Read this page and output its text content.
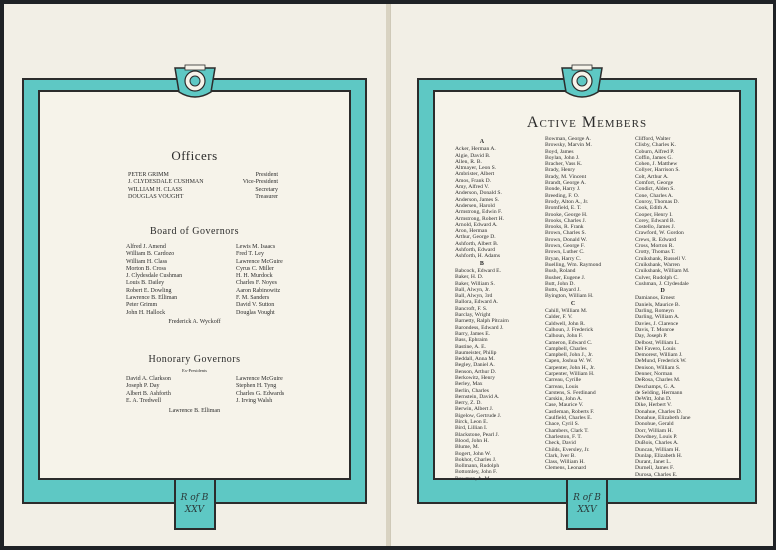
Officers
PETER GRIMM	President
J. CLYDESDALE CUSHMAN	Vice-President
WILLIAM H. CLASS	Secretary
DOUGLAS VOUGHT	Treasurer
Board of Governors
Alfred J. Amend
William B. Cardozo
William H. Class
Morton B. Cross
J. Clydesdale Cushman
Louis B. Dailey
Robert E. Dowling
Lawrence B. Elliman
Peter Grimm
John H. Hallock
Lewis M. Isaacs
Fred T. Ley
Lawrence McGuire
Cyrus C. Miller
H. H. Murdock
Charles F. Noyes
Aaron Rabinowitz
F. M. Sanders
David V. Sutton
Douglas Vought
Frederick A. Wyckoff
Honorary Governors
Ex-Presidents
David A. Clarkson
Joseph P. Day
Albert B. Ashforth
E. A. Tredwell
Lawrence McGuire
Stephen H. Tyng
Charles G. Edwards
J. Irving Walsh
Lawrence B. Elliman
R of B XXV
Active Members
A
Acker, Herman A.
Algie, David B.
Allen, R. B.
Altmayer, Leon S.
Ambrister, Albert
Amos, Frank D.
Amy, Alfred V.
Anderson, Donald S.
Anderson, James S.
Andersen, Harold
Armstrong, Edwin F.
Armstrong, Robert H.
Arnold, Edward A.
Aron, Herman
Arthur, George D.
Ashforth, Albert B.
Ashforth, Edward
Ashforth, H. Adams
B
Babcock, Edward E.
Baker, H. D.
Baker, William S.
Ball, Alwyn, Jr.
Ball, Alwyn, 3rd
Ballora, Edward A.
Bancroft, F. S.
Barclay, Wright
Barnetty, Ralph Pitcairn
Barondess, Edward J.
Barry, James E.
Bass, Ephraim
Bastine, A. E.
Baumeister, Philip
Beddall, Anna M.
Begley, Daniel A.
Benson, Arthur D.
Berkowitz, Henry
Berley, Max
Berlin, Charles
Bernstein, David A.
Berry, Z. D.
Berwin, Albert J.
Bigelow, Gertrude J.
Birck, Leon E.
Bird, Lillian I.
Blackstone, Pearl J.
Blood, John H.
Blume, M.
Bogert, John W.
Bokhot, Charles J.
Bollmann, Rudolph
Bottomley, John F.
Bowman, A. M.
Bowman, George A.
Browsky, Marvin M.
Boyd, James
Boylan, John J.
Bracher, Vass K.
Brady, Henry
Brady, M. Vincent
Brandt, George A.
Bonde, Harry J.
Breeding, F. O.
Brody, Alton A., Jr.
Bromfield, E. T.
Brooke, George H.
Brooks, Charles J.
Brooks, R. Frank
Brown, Charles S.
Brown, Donald W.
Brown, George F.
Brown, Luther C.
Bryan, Harry C.
Buelling, Wm. Raymond
Bush, Roland
Busher, Eugene J.
Butt, John D.
Butts, Bayard J.
Byington, William H.
C
Cahill, William M.
Calder, F. V.
Caldwell, John R.
Calhoun, J. Frederick
Calhoun, John F.
Cameron, Edward C.
Campbell, Charles
Campbell, John J., Jr.
Capen, Joshua W. W.
Carpenter, John H., Jr.
Carpenter, William H.
Carreau, Cyrille
Carreau, Louis
Carstens, S. Ferdinand
Carskin, John A.
Case, Maurice V.
Castleman, Roberts F.
Caulfield, Charles E.
Chace, Cyril S.
Chambers, Clark T.
Charleston, F. T.
Check, David
Childs, Eversley, Jr.
Clark, Iver B.
Class, William H.
Clemens, Leonard
Clifford, Walter
Clisby, Charles K.
Coburn, Alfred P.
Coffin, James G.
Cohen, J. Matthew
Collyer, Harrison S.
Colt, Arthur A.
Comfort, George
Condict, Alden S.
Cone, Charles A.
Conroy, Thomas D.
Cook, Edith A.
Cooper, Henry I.
Corey, Edward B.
Costello, James J.
Crawford, W. Gordon
Crews, R. Edward
Cross, Morton R.
Crotty, Thomas T.
Cruikshank, Russell V.
Cruikshank, Warren
Cruikshank, William M.
Culver, Rudolph C.
Cushman, J. Clydesdale
D
Damianos, Ernest
Daniels, Maurice B.
Darling, Romeyn
Darling, William A.
Davies, J. Clarence
Davis, T. Monroe
Day, Joseph P.
Delbost, William L.
Del Favero, Louis
Demorest, William J.
DeMund, Frederick W.
Denison, William S.
Denner, Norman
DeRosa, Charles M.
Deschamps, G. A.
de Selding, Hermann
DeWitt, John D.
Dike, Herbert V.
Donahue, Charles D.
Donahue, Elizabeth Jane
Donohue, Gerald
Dorr, William H.
Dowdney, Louis P.
DuBois, Charles A.
Duncan, William H.
Dunlap, Elizabeth H.
Durant, Janet L.
Durnell, James F.
Durosa, Charles E.
R of B XXV
